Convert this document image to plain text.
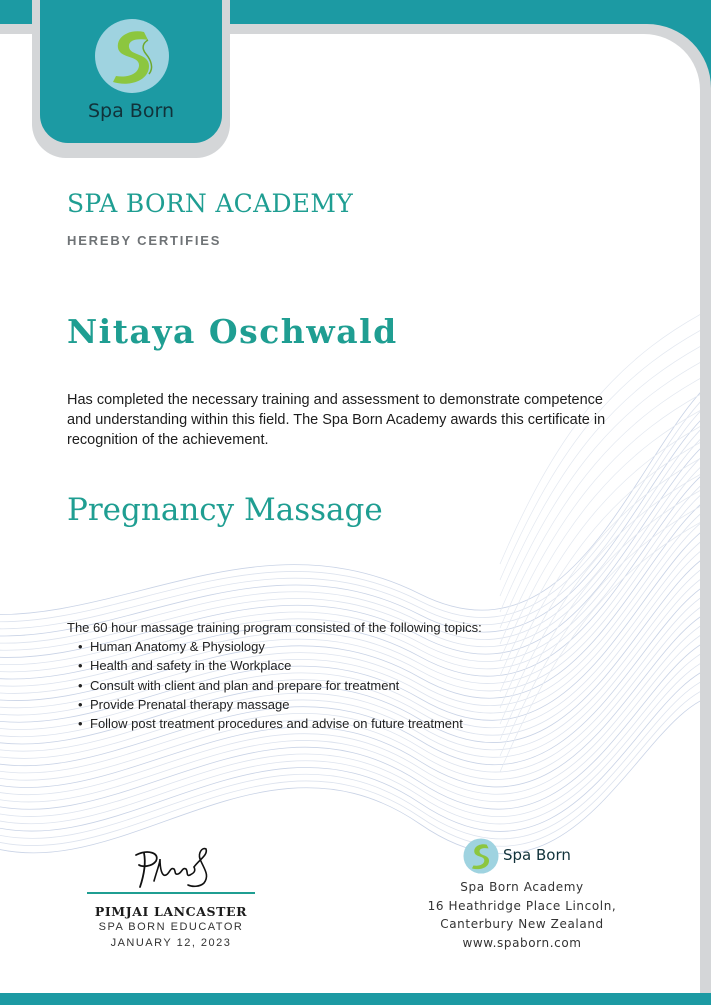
Spa Born
SPA BORN ACADEMY
HEREBY CERTIFIES
Nitaya Oschwald
Has completed the necessary training and assessment to demonstrate competence and understanding within this field. The Spa Born Academy awards this certificate in recognition of the achievement.
Pregnancy Massage
The 60 hour massage training program consisted of the following topics:
• Human Anatomy & Physiology
• Health and safety in the Workplace
• Consult with client and plan and prepare for treatment
• Provide Prenatal therapy massage
• Follow post treatment procedures and advise on future treatment
PIMJAI LANCASTER
SPA BORN EDUCATOR
JANUARY 12, 2023
Spa Born
Spa Born Academy
16 Heathridge Place Lincoln,
Canterbury New Zealand
www.spaborn.com
